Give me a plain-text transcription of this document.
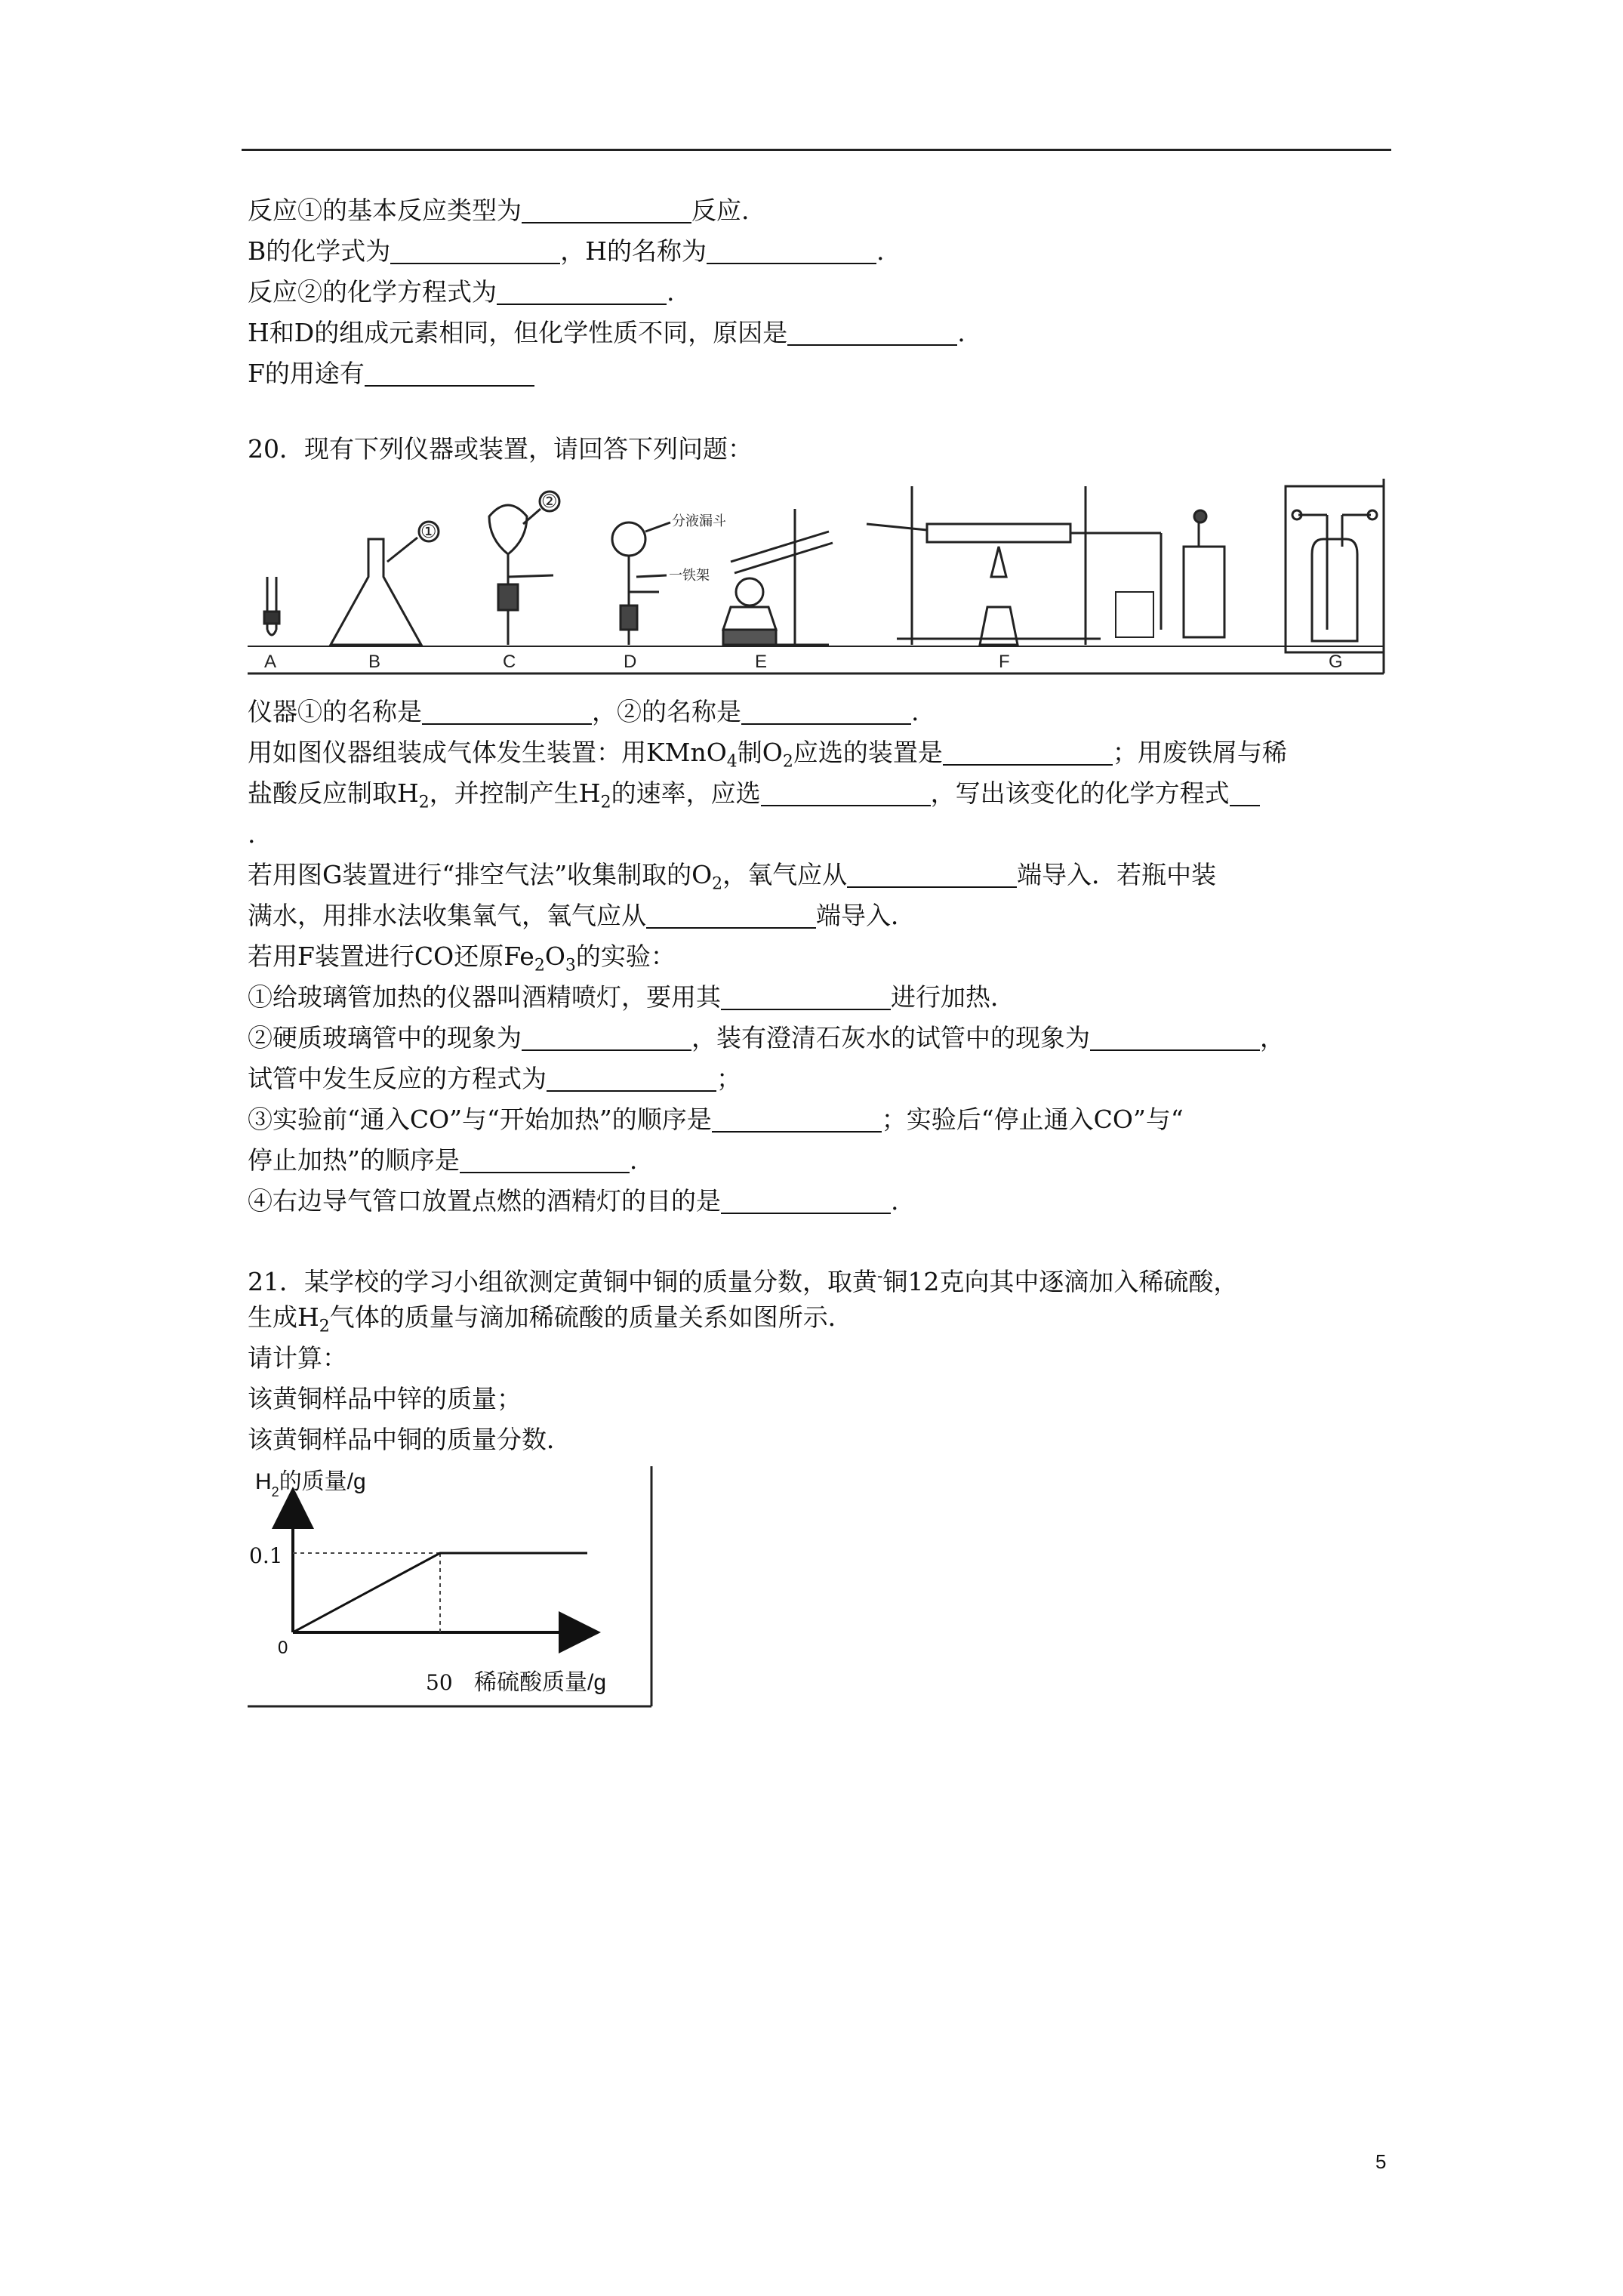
反应①的基本反应类型为	反应.
B的化学式为	，H的名称为	.
反应②的化学方程式为	.
H和D的组成元素相同，但化学性质不同，原因是	.
F的用途有
20．现有下列仪器或装置，请回答下列问题：
A	B	C	D	E	F	G
①
②
分液漏斗
一铁架
仪器①的名称是	，②的名称是	.
用如图仪器组装成气体发生装置：用KMnO$_4$制$O_2$应选的装置是	；用废铁屑与稀
盐酸反应制取$H_2$，并控制产生$H_2$的速率，应选	，写出该变化的化学方程式
.
若用图G装置进行“排空气法”收集制取的$O_2$，氧气应从	端导入．若瓶中装
满水，用排水法收集氧气，氧气应从	端导入．
若用F装置进行CO还原$Fe_2O_3$的实验：
①给玻璃管加热的仪器叫酒精喷灯，要用其	进行加热．
②硬质玻璃管中的现象为	，装有澄清石灰水的试管中的现象为	，
试管中发生反应的方程式为	；
③实验前“通入CO”与“开始加热”的顺序是	；实验后“停止通入CO”与“
停止加热”的顺序是	.
④右边导气管口放置点燃的酒精灯的目的是	.
21．某学校的学习小组欲测定黄铜中铜的质量分数，取黄-铜12克向其中逐滴加入稀硫酸，
生成$H_2$气体的质量与滴加稀硫酸的质量关系如图所示．
请计算：
该黄铜样品中锌的质量；
该黄铜样品中铜的质量分数．
$H_2$的质量/g
0.1
0
50 稀硫酸质量/g
5
